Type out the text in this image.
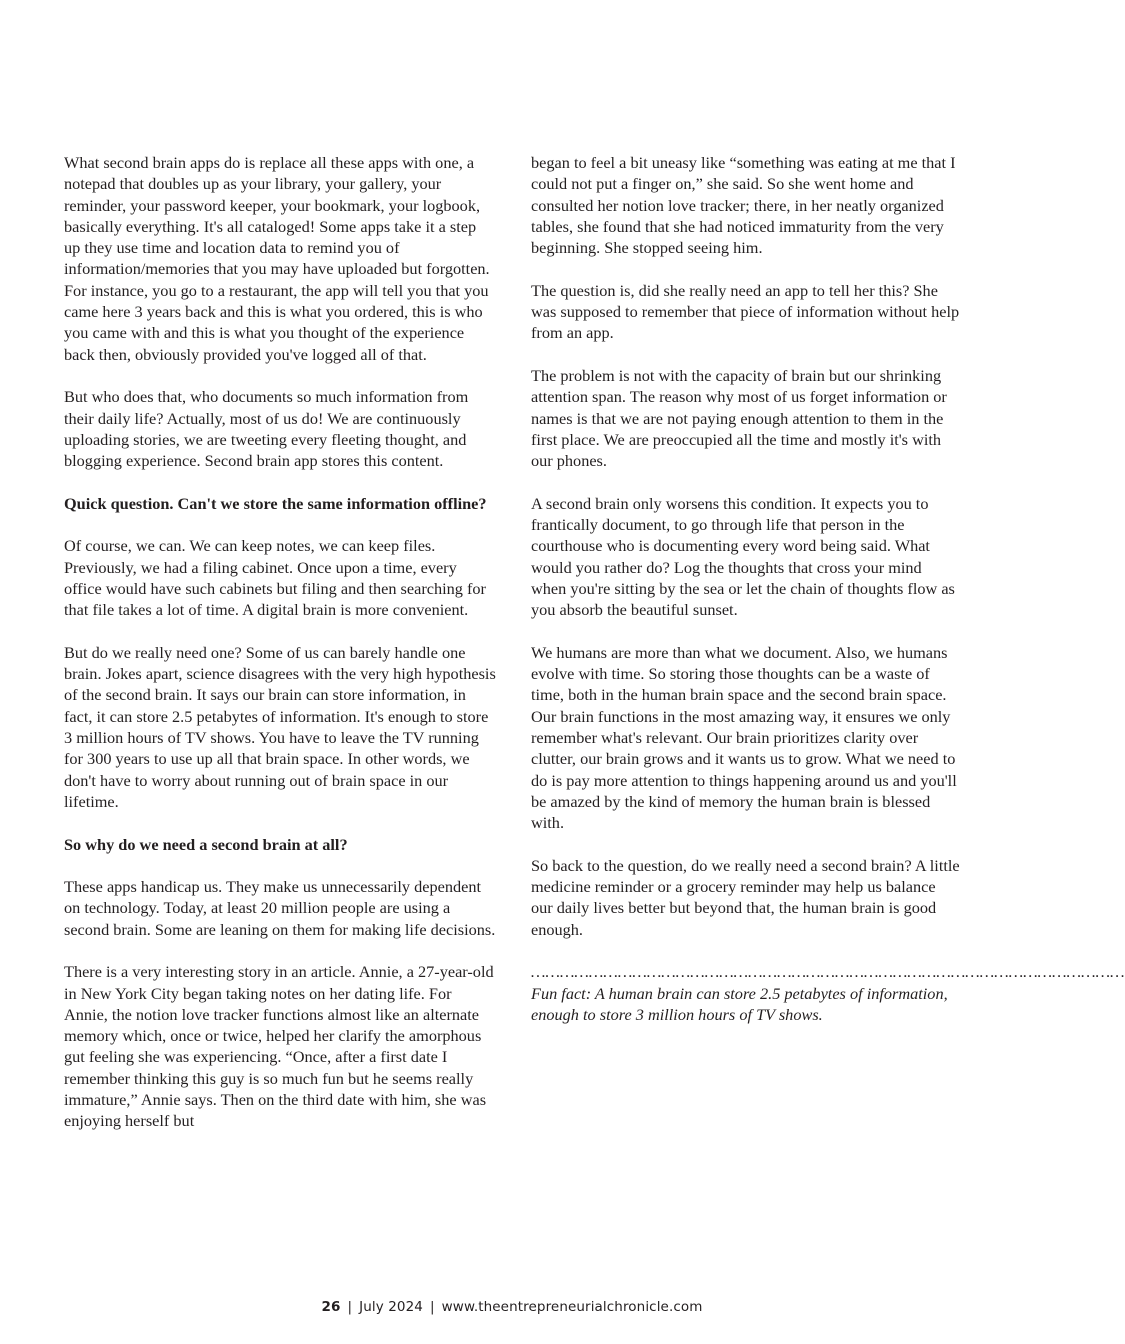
What second brain apps do is replace all these apps with one, a notepad that doubles up as your library, your gallery, your reminder, your password keeper, your bookmark, your logbook, basically everything. It's all cataloged! Some apps take it a step up they use time and location data to remind you of information/memories that you may have uploaded but forgotten. For instance, you go to a restaurant, the app will tell you that you came here 3 years back and this is what you ordered, this is who you came with and this is what you thought of the experience back then, obviously provided you've logged all of that.

But who does that, who documents so much information from their daily life? Actually, most of us do! We are continuously uploading stories, we are tweeting every fleeting thought, and blogging experience. Second brain app stores this content.

Quick question. Can't we store the same information offline?

Of course, we can. We can keep notes, we can keep files. Previously, we had a filing cabinet. Once upon a time, every office would have such cabinets but filing and then searching for that file takes a lot of time. A digital brain is more convenient.

But do we really need one? Some of us can barely handle one brain. Jokes apart, science disagrees with the very high hypothesis of the second brain. It says our brain can store information, in fact, it can store 2.5 petabytes of information. It's enough to store 3 million hours of TV shows. You have to leave the TV running for 300 years to use up all that brain space. In other words, we don't have to worry about running out of brain space in our lifetime.

So why do we need a second brain at all?

These apps handicap us. They make us unnecessarily dependent on technology. Today, at least 20 million people are using a second brain. Some are leaning on them for making life decisions.

There is a very interesting story in an article. Annie, a 27-year-old in New York City began taking notes on her dating life. For Annie, the notion love tracker functions almost like an alternate memory which, once or twice, helped her clarify the amorphous gut feeling she was experiencing. “Once, after a first date I remember thinking this guy is so much fun but he seems really immature,” Annie says. Then on the third date with him, she was enjoying herself but

began to feel a bit uneasy like “something was eating at me that I could not put a finger on,” she said. So she went home and consulted her notion love tracker; there, in her neatly organized tables, she found that she had noticed immaturity from the very beginning. She stopped seeing him.

The question is, did she really need an app to tell her this? She was supposed to remember that piece of information without help from an app.

The problem is not with the capacity of brain but our shrinking attention span. The reason why most of us forget information or names is that we are not paying enough attention to them in the first place. We are preoccupied all the time and mostly it's with our phones.

A second brain only worsens this condition. It expects you to frantically document, to go through life that person in the courthouse who is documenting every word being said. What would you rather do? Log the thoughts that cross your mind when you're sitting by the sea or let the chain of thoughts flow as you absorb the beautiful sunset.

We humans are more than what we document. Also, we humans evolve with time. So storing those thoughts can be a waste of time, both in the human brain space and the second brain space. Our brain functions in the most amazing way, it ensures we only remember what's relevant. Our brain prioritizes clarity over clutter, our brain grows and it wants us to grow. What we need to do is pay more attention to things happening around us and you'll be amazed by the kind of memory the human brain is blessed with.

So back to the question, do we really need a second brain? A little medicine reminder or a grocery reminder may help us balance our daily lives better but beyond that, the human brain is good enough.

……………………………………………………………………………………………………………Fun fact: A human brain can store 2.5 petabytes of information, enough to store 3 million hours of TV shows.

26 | July 2024 | www.theentrepreneurialchronicle.com
